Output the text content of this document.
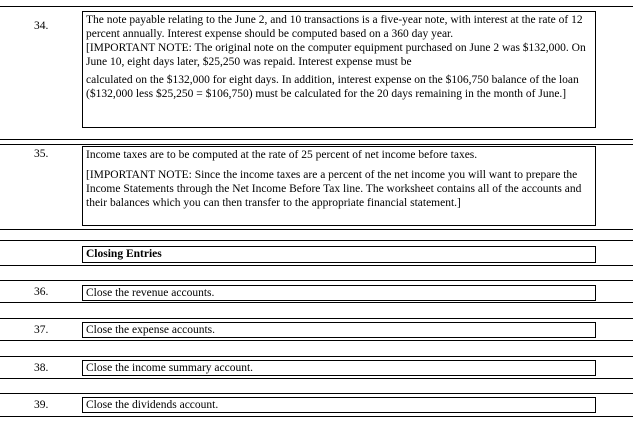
34.	The note payable relating to the June 2, and 10 transactions is a five-year note, with interest at the rate of 12 percent annually. Interest expense should be computed based on a 360 day year.

[IMPORTANT NOTE: The original note on the computer equipment purchased on June 2 was $132,000. On June 10, eight days later, $25,250 was repaid. Interest expense must be

calculated on the $132,000 for eight days. In addition, interest expense on the $106,750 balance of the loan ($132,000 less $25,250 = $106,750) must be calculated for the 20 days remaining in the month of June.]

35.	Income taxes are to be computed at the rate of 25 percent of net income before taxes.

[IMPORTANT NOTE: Since the income taxes are a percent of the net income you will want to prepare the Income Statements through the Net Income Before Tax line. The worksheet contains all of the accounts and their balances which you can then transfer to the appropriate financial statement.]

Closing Entries
36.	Close the revenue accounts.
37.	Close the expense accounts.
38.	Close the income summary account.
39.	Close the dividends account.
